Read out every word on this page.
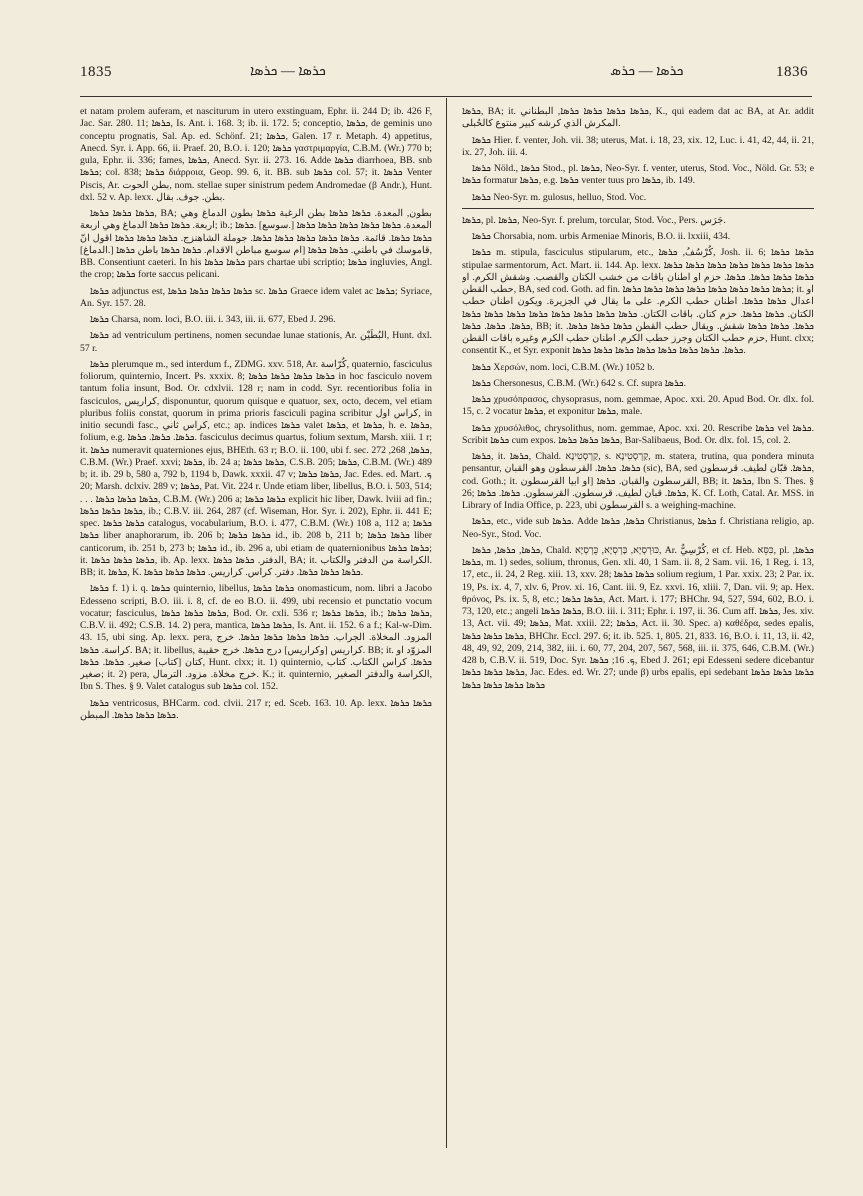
1835	ܟܪܣܐ — ܟܪܣܐ	ܟܪܣܐ — ܟܪܣ	1836

et natam prolem auferam, et nasciturum in utero exstinguam, Ephr. ii. 244 D; ib. 426 F, Jac. Sar. 280. 11; ܟܪܣܐ, Is. Ant. i. 168. 3; ib. ii. 172. 5; conceptio, ܟܪܣܐ, de geminis uno conceptu prognatis, Sal. Ap. ed. Schönf. 21; ܟܪܣܐ, Galen. 17 r. Metaph. 4) appetitus, Anecd. Syr. i. App. 66, ii. Praef. 20, B.O. i. 120; ܟܪܣܐ γαστριμαργία, C.B.M. (Wr.) 770 b; gula, Ephr. ii. 336; fames, ܟܪܣܐ, Anecd. Syr. ii. 273. 16. Adde ܟܪܣܐ diarrhoea, BB. snb ܟܪܣܐ; col. 838; ܟܪܣܐ διάρροια, Geop. 99. 6, it. BB. sub ܟܪܣܐ col. 57; it. ܟܪܣܐ Venter Piscis, Ar. بطن الحوت, nom. stellae super sinistrum pedem Andromedae (β Andr.), Hunt. dxl. 52 v. Ap. lexx. بطن. جوف. بقال.

ܟܪܣܐ ܟܪܣܐ ܟܪܣܐ, BA; بطون, المعدة. ܟܪܣܐ ܟܪܣܐ بطن الرغبة ܟܪܣܐ بطون الدماغ وهي اربعة. ܟܪܣܐ ܟܪܣܐ الدماغ وهي اربعة; ib.; المعدة. ܟܪܣܐ ܟܪܣܐ ܟܪܣܐ ܟܪܣܐ ܟܪܣܐ [.سوسع] .ܟܪܣܐ ܟܪܣܐ ܟܪܣܐ. قائمة. ܟܪܣܐ ܟܪܣܐ ܟܪܣܐ ܟܪܣܐ ܟܪܣܐ. جوملة الشاهنزج. ܟܪܣܐ ܟܪܣܐ ܟܪܣܐ اقول انّ قاموسك في باطني. ܟܪܣܐ ܟܪܣܐ [ام سوسع مباطن الاقدام. ܟܪܣܐ ܟܪܣܐ باطن ܟܪܣܐ [.الدماغ], BB. Consentiunt caeteri. In his ܟܪܣܐ ܟܪܣܐ pars chartae ubi scriptio; ܟܪܣܐ ingluvies, Angl. the crop; ܟܪܣܐ forte saccus pelicani.

ܟܪܣܐ adjunctus est, ܟܪܣܐ ܟܪܣܐ ܟܪܣܐ ܟܪܣܐ sc. ܟܪܣܐ Graece idem valet ac ܟܪܣܐ; Syriace, An. Syr. 157. 28.

ܟܪܣܐ Charsa, nom. loci, B.O. iii. i. 343, iii. ii. 677, Ebed J. 296.

ܟܪܣܐ ad ventriculum pertinens, nomen secundae lunae stationis, Ar. البُطَيْن, Hunt. dxl. 57 r.

ܟܪܣܐ plerumque m., sed interdum f., ZDMG. xxv. 518, Ar. كُرّاسة, quaternio, fasciculus foliorum, quinternio, Incert. Ps. xxxix. 8; ܟܪܣܐ ܟܪܣܐ ܟܪܣܐ ܟܪܣܐ in hoc fasciculo novem tantum folia insunt, Bod. Or. cdxlvii. 128 r; nam in codd. Syr. recentioribus folia in fasciculos, كراريس, disponuntur, quorum quisque e quatuor, sex, octo, decem, vel etiam pluribus foliis constat, quorum in prima prioris fasciculi pagina scribitur كراس اول, in initio secundi fasc., كراس ثاني, etc.; ap. indices ܟܪܣܐ valet ܟܪܣܐ, et ܟܪܣܐ, h. e. ܟܪܣܐ, folium, e.g. ܟܪܣܐ. ܟܪܣܐ. ܟܪܣܐ. fasciculus decimus quartus, folium sextum, Marsh. xiii. 1 r; it. ܟܪܣܐ numeravit quaterniones ejus, BHEth. 63 r; B.O. ii. 100, ubi f. sec. ܟܪܣܐ, 268, 272, C.B.M. (Wr.) Praef. xxvi; ܟܪܣܐ, ib. 24 a; ܟܪܣܐ ܟܪܣܐ, C.S.B. 205; ܟܪܣܐ, C.B.M. (Wr.) 489 b; it. ib. 29 b, 580 a, 792 b, 1194 b, Dawk. xxxii. 47 v; ܟܪܣܐ ܟܪܣܐ, Jac. Edes. ed. Mart. ܟ. 20; Marsh. dclxiv. 289 v; ܟܪܣܐ, Pat. Vit. 224 r. Unde etiam liber, libellus, B.O. i. 503, 514; . . . ܟܪܣܐ ܟܪܣܐ ܟܪܣܐ, C.B.M. (Wr.) 206 a; ܟܪܣܐ ܟܪܣܐ explicit hic liber, Dawk. lviii ad fin.; ܟܪܣܐ ܟܪܣܐ ܟܪܣܐ, ib.; C.B.V. iii. 264, 287 (cf. Wiseman, Hor. Syr. i. 202), Ephr. ii. 441 E; spec. ܟܪܣܐ ܟܪܣܐ catalogus, vocabularium, B.O. i. 477, C.B.M. (Wr.) 108 a, 112 a; ܟܪܣܐ ܟܪܣܐ liber anaphorarum, ib. 206 b; ܟܪܣܐ ܟܪܣܐ id., ib. 208 b, 211 b; ܟܪܣܐ ܟܪܣܐ liber canticorum, ib. 251 b, 273 b; ܟܪܣܐ id., ib. 296 a, ubi etiam de quaternionibus ܟܪܣܐ ܟܪܣܐ; it. ܟܪܣܐ ܟܪܣܐ ܟܪܣܐ, ib. Ap. lexx. الدفتر. ܟܪܣܐ ܟܪܣܐ, BA; it. الكراسة من الدفتر والكتاب. BB; it. ܟܪܣܐ, K. ܟܪܣܐ ܟܪܣܐ ܟܪܣܐ. دفتر. كراس. كراريس. ܟܪܣܐ ܟܪܣܐ ܟܪܣܐ.

ܟܪܣܐ f. 1) i. q. ܟܪܣܐ quinternio, libellus, ܟܪܣܐ ܟܪܣܐ onomasticum, nom. libri a Jacobo Edesseno scripti, B.O. iii. i. 8, cf. de eo B.O. ii. 499, ubi recensio et punctatio vocum vocatur; fasciculus, ܟܪܣܐ ܟܪܣܐ ܟܪܣܐ, Bod. Or. cxli. 536 r; ܟܪܣܐ ܟܪܣܐ, ib.; ܟܪܣܐ ܟܪܣܐ, C.B.V. ii. 492; C.S.B. 14. 2) pera, mantica, ܟܪܣܐ ܟܪܣܐ, Is. Ant. ii. 152. 6 a f.; Kal-w-Dim. 43. 15, ubi sing. Ap. lexx. pera, المزود. المخلاة. الجراب. ܟܪܣܐ ܟܪܣܐ ܟܪܣܐ ܟܪܣܐ. خرج كراسة. ܟܪܣܐ. BA; it. libellus, كراريس [وكراريس] درج ܟܪܣܐ. خرج حقيبة. BB; it. المزوّد او كتان [كتاب] صغير. ܟܪܣܐ. ܟܪܣܐ, Hunt. clxx; it. 1) quinternio, ܟܪܣܐ. كراس الكتاب. كتاب صغير; it. 2) pera, خرج مخلاة. مزود. الترمال. K.; it. quinternio, الكراسة والدفتر الصغير, Ibn S. Thes. § 9. Valet catalogus sub ܟܪܣܐ col. 152.

ܟܪܣܐ ventricosus, BHCarm. cod. clvii. 217 r; ed. Sceb. 163. 10. Ap. lexx. ܟܪܣܐ ܟܪܣܐ ܟܪܣܐ ܟܪܣܐ ܟܪܣܐ. المبطن.

ܟܪܣܐ, BA; it. ܟܪܣܐ ܟܪܣܐ ܟܪܣܐ ܟܪܣܐ, البطناني, K., qui eadem dat ac BA, at Ar. addit المكرش الذي كرشه كبير منتوع كالحُبلى.

ܟܪܣܐ Hier. f. venter, Joh. vii. 38; uterus, Mat. i. 18, 23, xix. 12, Luc. i. 41, 42, 44, ii. 21, ix. 27, Joh. iii. 4.

ܟܪܣܐ Nöld., ܟܪܣܐ Stod., pl. ܟܪܣܐ, Neo-Syr. f. venter, uterus, Stod. Voc., Nöld. Gr. 53; e ܟܪܣܐ formatur ܟܪܣܐ, e.g. ܟܪܣܐ venter tuus pro ܟܪܣܐ, ib. 149.

ܟܪܣܐ Neo-Syr. m. gulosus, helluo, Stod. Voc.

ܟܪܣܐ, pl. ܟܪܣܐ, Neo-Syr. f. prelum, torcular, Stod. Voc., Pers. جَرَس.

ܟܪܣܐ Chorsabia, nom. urbis Armeniae Minoris, B.O. ii. lxxiii, 434.

ܟܪܣܐ m. stipula, fasciculus stipularum, etc., كُرْسُفُ, ܟܪܣܐ, Josh. ii. 6; ܟܪܣܐ ܟܪܣܐ stipulae sarmentorum, Act. Mart. ii. 144. Ap. lexx. ܟܪܣܐ ܟܪܣܐ ܟܪܣܐ ܟܪܣܐ ܟܪܣܐ ܟܪܣܐ ܟܪܣܐ ܟܪܣܐ ܟܪܣܐ ܟܪܣܐ. ܟܪܣܐ. حزم او اطنان باقات من خشب الكتان والقصب. وشقش الكرم. او حطب القطن, BA, sed cod. Goth. ad fin. ܟܪܣܐ ܟܪܣܐ ܟܪܣܐ ܟܪܣܐ ܟܪܣܐ ܟܪܣܐ ܟܪܣܐ ܟܪܣܐ; it. او اعدال ܟܪܣܐ ܟܪܣܐ. اطنان حطب الكرم. على ما يقال في الجزيرة. ويكون اطنان حطب الكتان. ܟܪܣܐ ܟܪܣܐ. حزم كتان. باقات الكتان. ܟܪܣܐ ܟܪܣܐ ܟܪܣܐ ܟܪܣܐ ܟܪܣܐ ܟܪܣܐ ܟܪܣܐ ܟܪܣܐ ܟܪܣܐ. ܟܪܣܐ. ܟܪܣܐ, BB; it. ܟܪܣܐ. ܟܪܣܐ ܟܪܣܐ شقش. ويقال حطب القطن ܟܪܣܐ ܟܪܣܐ ܟܪܣܐ. حزم حطب الكتان وجرز حطب الكرم. اطنان حطب الكرم وغيره باقات القطن, Hunt. clxx; consentit K., et Syr. exponit ܟܪܣܐ. ܟܪܣܐ ܟܪܣܐ ܟܪܣܐ ܟܪܣܐ ܟܪܣܐ ܟܪܣܐ ܟܪܣܐ.

ܟܪܣܐ Χερσών, nom. loci, C.B.M. (Wr.) 1052 b.

ܟܪܣܐ Chersonesus, C.B.M. (Wr.) 642 s. Cf. supra ܟܪܣܐ.

ܟܪܣܐ χρυσόπρασος, chysoprasus, nom. gemmae, Apoc. xxi. 20. Apud Bod. Or. dlx. fol. 15, c. 2 vocatur ܟܪܣܐ, et exponitur ܟܪܣܐ, male.

ܟܪܣܐ χρυσόλιθος, chrysolithus, nom. gemmae, Apoc. xxi. 20. Rescribe ܟܪܣܐ vel ܟܪܣܐ. Scribit ܟܪܣܐ cum expos. ܟܪܣܐ ܟܪܣܐ ܟܪܣܐ, Bar-Salibaeus, Bod. Or. dlx. fol. 15, col. 2.

ܟܪܣܐ, it. ܟܪܣܐ, Chald. קַרְסְטִינָא, s. קַרְסְטִינָא, m. statera, trutina, qua pondera minuta pensantur, ܟܪܣܐ. ܟܪܣܐ. القرسطون وهو القبان (sic), BA, sed ܟܪܣܐ. قبّان لطيف. قرسطون, cod. Goth.; it. القرسطون والقبان. ܟܪܣܐ [او ابيا القرسطون, BB; it. ܟܪܣܐ, Ibn S. Thes. § 26; ܟܪܣܐ. قبان لطيف. قرسطون. القرسطون. ܟܪܣܐ. ܟܪܣܐ, K. Cf. Loth, Catal. Ar. MSS. in Library of India Office, p. 223, ubi القرسطون s. a weighing-machine.

ܟܪܣܐ, etc., vide sub ܟܪܣܐ. Adde ܟܪܣܐ, ܟܪܣܐ Christianus, ܟܪܣܐ f. Christiana religio, ap. Neo-Syr., Stod. Voc.

ܟܪܣܐ, ܟܪܣܐ, ܟܪܣܐ, Chald. כּוּרְסְיָא, כָּרְסְיָא, כֻּרְסְיָא, Ar. كُرْسِيٌّ, et cf. Heb. כִּסֵּא, pl. ܟܪܣܐ, ܟܪܣܐ, m. 1) sedes, solium, thronus, Gen. xli. 40, 1 Sam. ii. 8, 2 Sam. vii. 16, 1 Reg. i. 13, 17, etc., ii. 24, 2 Reg. xiii. 13, xxv. 28; ܟܪܣܐ ܟܪܣܐ solium regium, 1 Par. xxix. 23; 2 Par. ix. 19, Ps. ix. 4, 7, xlv. 6, Prov. xi. 16, Cant. iii. 9, Ez. xxvi. 16, xliii. 7, Dan. vii. 9; ap. Hex. θρόνος, Ps. ix. 5, 8, etc.; ܟܪܣܐ ܟܪܣܐ, Act. Mart. i. 177; BHChr. 94, 527, 594, 602, B.O. i. 73, 120, etc.; angeli ܟܪܣܐ ܟܪܣܐ, B.O. iii. i. 311; Ephr. i. 197, ii. 36. Cum aff. ܟܪܣܐ, Jes. xiv. 13, Act. vii. 49; ܟܪܣܐ, Mat. xxiii. 22; ܟܪܣܐ, Act. ii. 30. Spec. a) καθέδρα, sedes epalis, ܟܪܣܐ ܟܪܣܐ ܟܪܣܐ, BHChr. Eccl. 297. 6; it. ib. 525. 1, 805. 21, 833. 16, B.O. i. 11, 13, ii. 42, 48, 49, 92, 209, 214, 382, iii. i. 60, 77, 204, 207, 567, 568, iii. ii. 375, 646, C.B.M. (Wr.) 428 b, C.B.V. ii. 519, Doc. Syr. ܟ. 16; ܟܪܣܐ, Ebed J. 261; epi Edesseni sedere dicebantur ܟܪܣܐ ܟܪܣܐ ܟܪܣܐ, Jac. Edes. ed. Wr. 27; unde β) urbs epalis, epi sedebant ܟܪܣܐ ܟܪܣܐ ܟܪܣܐ ܟܪܣܐ ܟܪܣܐ ܟܪܣܐ ܟܪܣܐ
